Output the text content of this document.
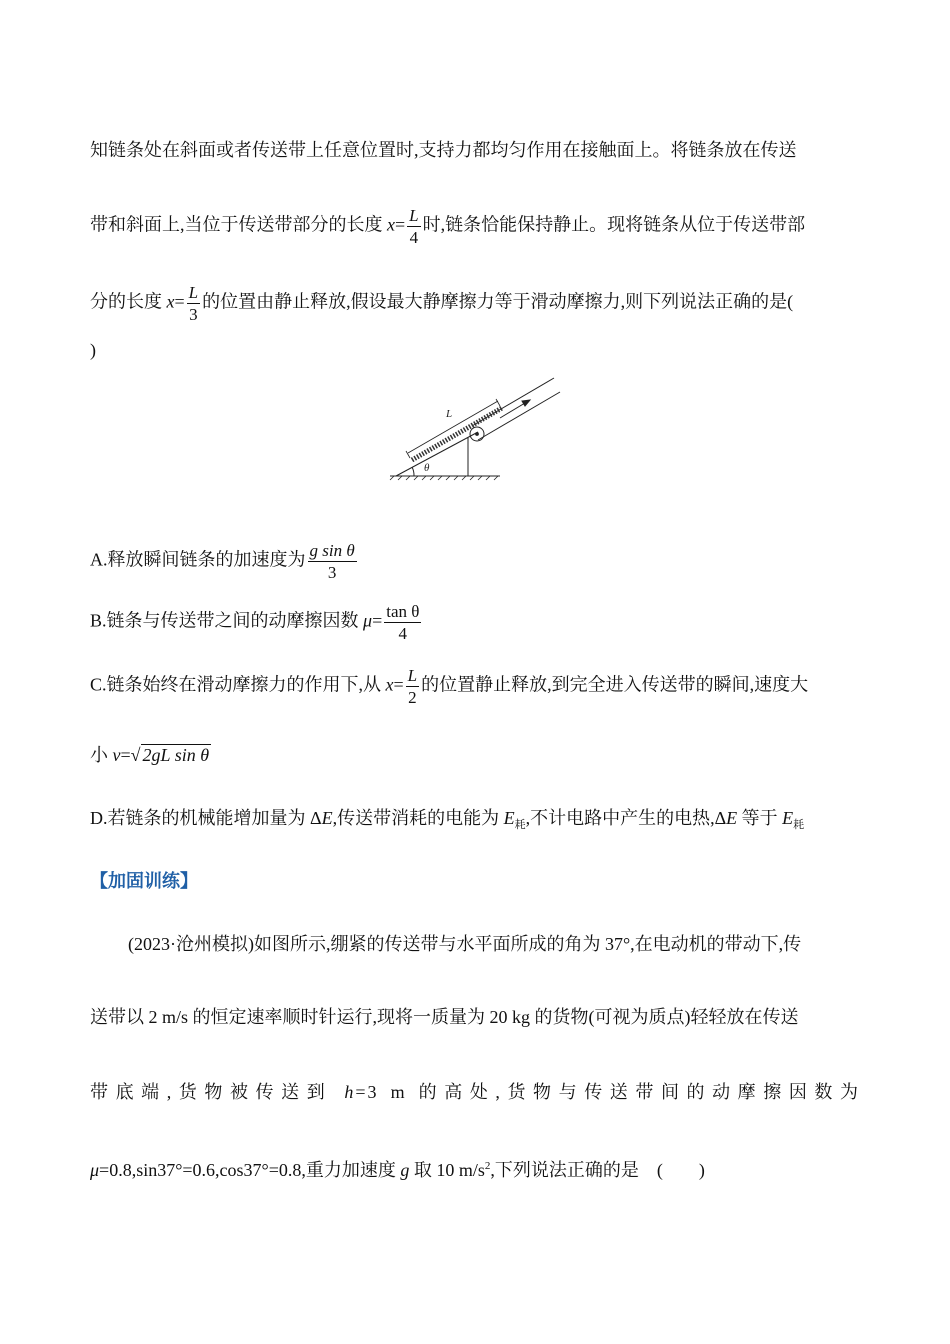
知链条处在斜面或者传送带上任意位置时,支持力都均匀作用在接触面上。将链条放在传送
带和斜面上,当位于传送带部分的长度 $x= \frac{L}{4}$ 时,链条恰能保持静止。现将链条从位于传送带部
分的长度 $x= \frac{L}{3}$ 的位置由静止释放,假设最大静摩擦力等于滑动摩擦力,则下列说法正确的是(
)
L
θ
A.释放瞬间链条的加速度为 $\frac{\text{g sin θ}}{3}$
B.链条与传送带之间的动摩擦因数 $\mu= \frac{\text{tan θ}}{4}$
C.链条始终在滑动摩擦力的作用下,从 $x= \frac{L}{2}$ 的位置静止释放,到完全进入传送带的瞬间,速度大
小 v=√ 2gL sin θ
D.若链条的机械能增加量为 ΔE,传送带消耗的电能为 $E_耗$,不计电路中产生的电热,ΔE 等于 $E_耗$
【加固训练】
(2023·沧州模拟)如图所示,绷紧的传送带与水平面所成的角为 37°,在电动机的带动下,传
送带以 2 m/s 的恒定速率顺时针运行,现将一质量为 20 kg 的货物(可视为质点)轻轻放在传送
带底端,货物被传送到 h=3 m 的高处,货物与传送带间的动摩擦因数为
μ=0.8,sin37°=0.6,cos37°=0.8,重力加速度 g 取 10 $m/s^2$,下列说法正确的是　(　　)
